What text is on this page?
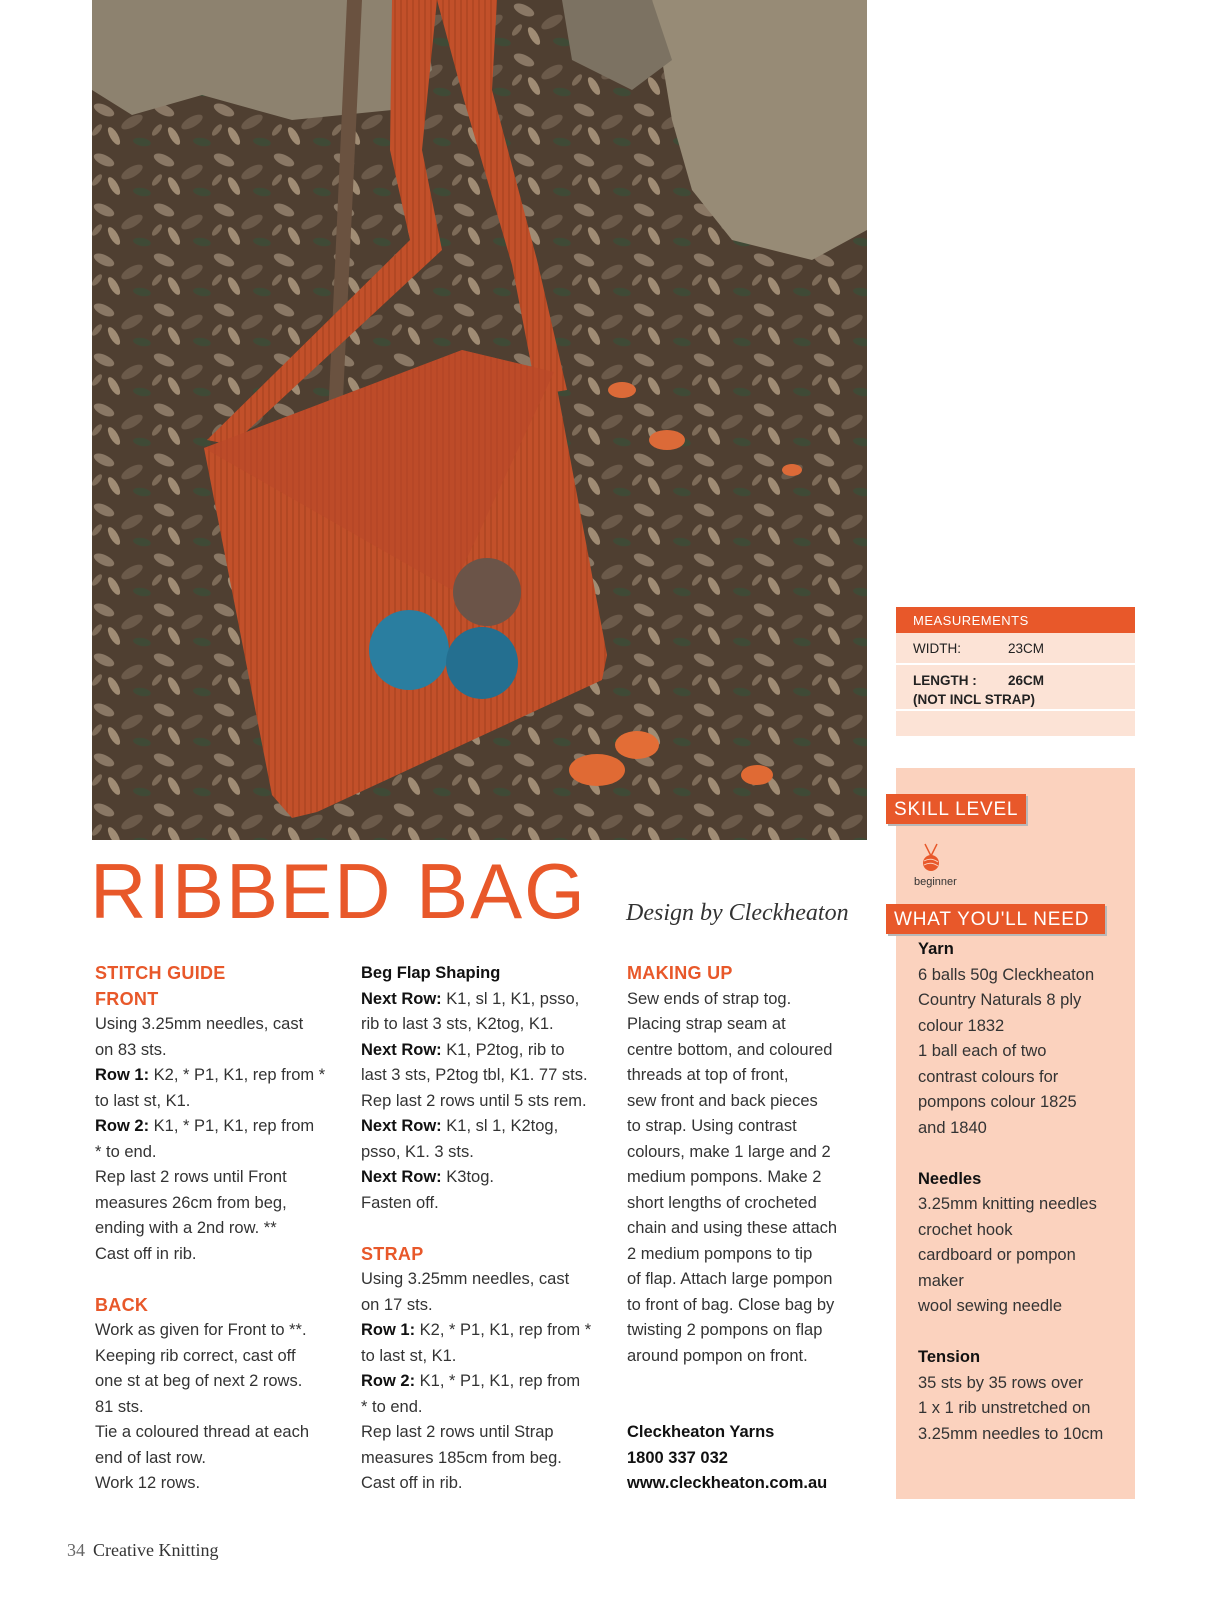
RIBBED BAG Design by Cleckheaton

STITCH GUIDE

FRONT

Using 3.25mm needles, cast

on 83 sts.

Row 1: K2, * P1, K1, rep from *

to last st, K1.

Row 2: K1, * P1, K1, rep from

* to end.

Rep last 2 rows until Front

measures 26cm from beg,

ending with a 2nd row. **

Cast off in rib.

BACK

Work as given for Front to **.

Keeping rib correct, cast off

one st at beg of next 2 rows.

81 sts.

Tie a coloured thread at each

end of last row.

Work 12 rows.

Beg Flap Shaping

Next Row: K1, sl 1, K1, psso,

rib to last 3 sts, K2tog, K1.

Next Row: K1, P2tog, rib to

last 3 sts, P2tog tbl, K1. 77 sts.

Rep last 2 rows until 5 sts rem.

Next Row: K1, sl 1, K2tog,

psso, K1. 3 sts.

Next Row: K3tog.

Fasten off.

STRAP

Using 3.25mm needles, cast

on 17 sts.

Row 1: K2, * P1, K1, rep from *

to last st, K1.

Row 2: K1, * P1, K1, rep from

* to end.

Rep last 2 rows until Strap

measures 185cm from beg.

Cast off in rib.

MAKING UP

Sew ends of strap tog.

Placing strap seam at

centre bottom, and coloured

threads at top of front,

sew front and back pieces

to strap. Using contrast

colours, make 1 large and 2

medium pompons. Make 2

short lengths of crocheted

chain and using these attach

2 medium pompons to tip

of flap. Attach large pompon

to front of bag. Close bag by

twisting 2 pompons on flap

around pompon on front.

Cleckheaton Yarns

1800 337 032

www.cleckheaton.com.au

MEASUREMENTS
WIDTH:	23CM
LENGTH : 26CM
(NOT INCL STRAP)
SKILL LEVEL
beginner
WHAT YOU'LL NEED

Yarn

6 balls 50g Cleckheaton

Country Naturals 8 ply

colour 1832

1 ball each of two

contrast colours for

pompons colour 1825

and 1840

Needles

3.25mm knitting needles

crochet hook

cardboard or pompon

maker

wool sewing needle

Tension

35 sts by 35 rows over

1 x 1 rib unstretched on

3.25mm needles to 10cm

34 Creative Knitting
